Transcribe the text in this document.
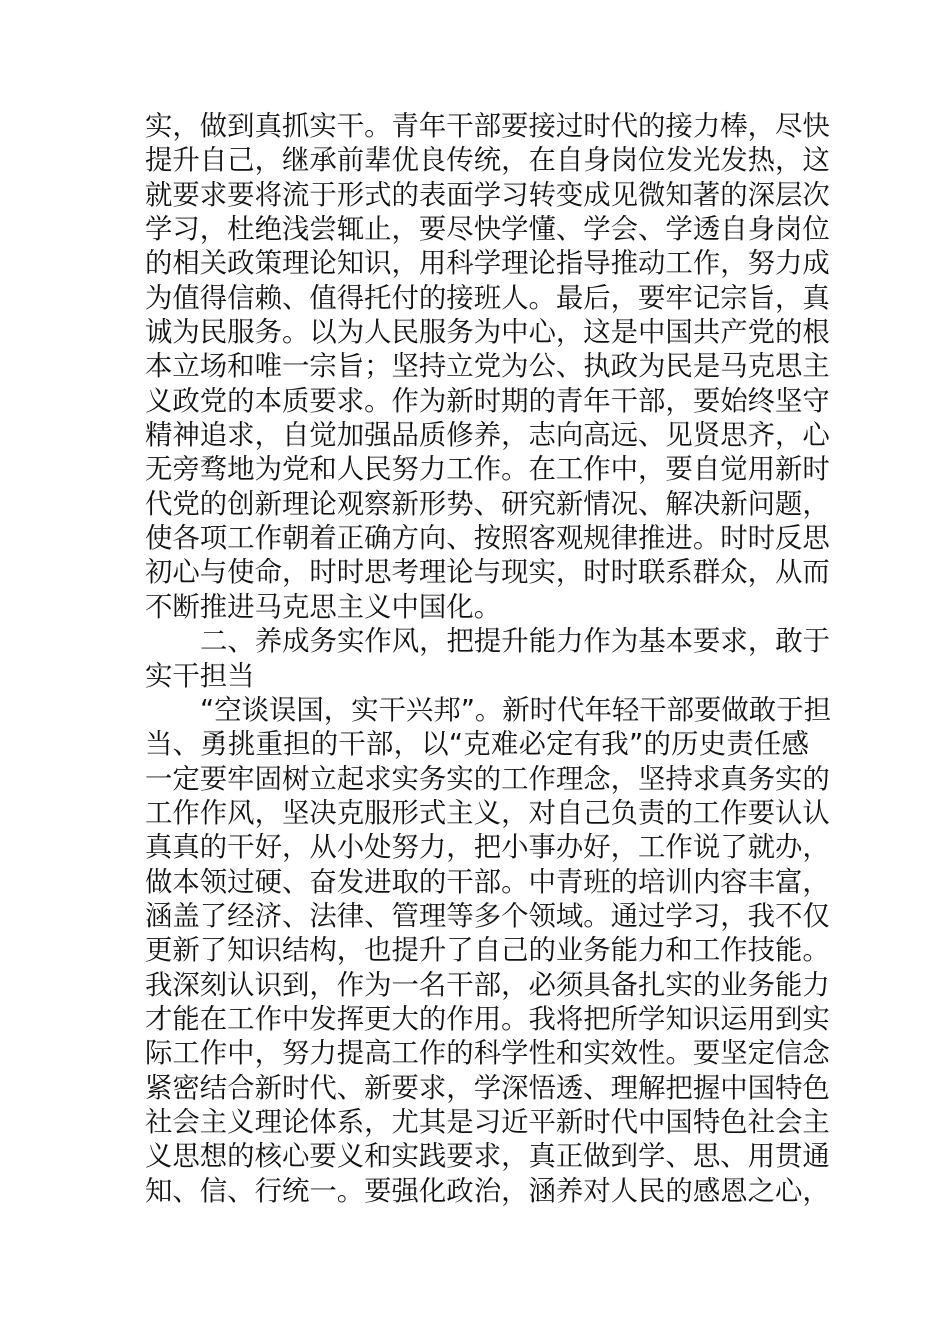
实，做到真抓实干。青年干部要接过时代的接力棒，尽快
提升自己，继承前辈优良传统，在自身岗位发光发热，这
就要求要将流于形式的表面学习转变成见微知著的深层次
学习，杜绝浅尝辄止，要尽快学懂、学会、学透自身岗位
的相关政策理论知识，用科学理论指导推动工作，努力成
为值得信赖、值得托付的接班人。最后，要牢记宗旨，真
诚为民服务。以为人民服务为中心，这是中国共产党的根
本立场和唯一宗旨；坚持立党为公、执政为民是马克思主
义政党的本质要求。作为新时期的青年干部，要始终坚守
精神追求，自觉加强品质修养，志向高远、见贤思齐，心
无旁骛地为党和人民努力工作。在工作中，要自觉用新时
代党的创新理论观察新形势、研究新情况、解决新问题，
使各项工作朝着正确方向、按照客观规律推进。时时反思
初心与使命，时时思考理论与现实，时时联系群众，从而
不断推进马克思主义中国化。
二、养成务实作风，把提升能力作为基本要求，敢于
实干担当
“空谈误国，实干兴邦”。新时代年轻干部要做敢于担
当、勇挑重担的干部，以“克难必定有我”的历史责任感
一定要牢固树立起求实务实的工作理念，坚持求真务实的
工作作风，坚决克服形式主义，对自己负责的工作要认认
真真的干好，从小处努力，把小事办好，工作说了就办，
做本领过硬、奋发进取的干部。中青班的培训内容丰富，
涵盖了经济、法律、管理等多个领域。通过学习，我不仅
更新了知识结构，也提升了自己的业务能力和工作技能。
我深刻认识到，作为一名干部，必须具备扎实的业务能力
才能在工作中发挥更大的作用。我将把所学知识运用到实
际工作中，努力提高工作的科学性和实效性。要坚定信念
紧密结合新时代、新要求，学深悟透、理解把握中国特色
社会主义理论体系，尤其是习近平新时代中国特色社会主
义思想的核心要义和实践要求，真正做到学、思、用贯通
知、信、行统一。要强化政治，涵养对人民的感恩之心，
